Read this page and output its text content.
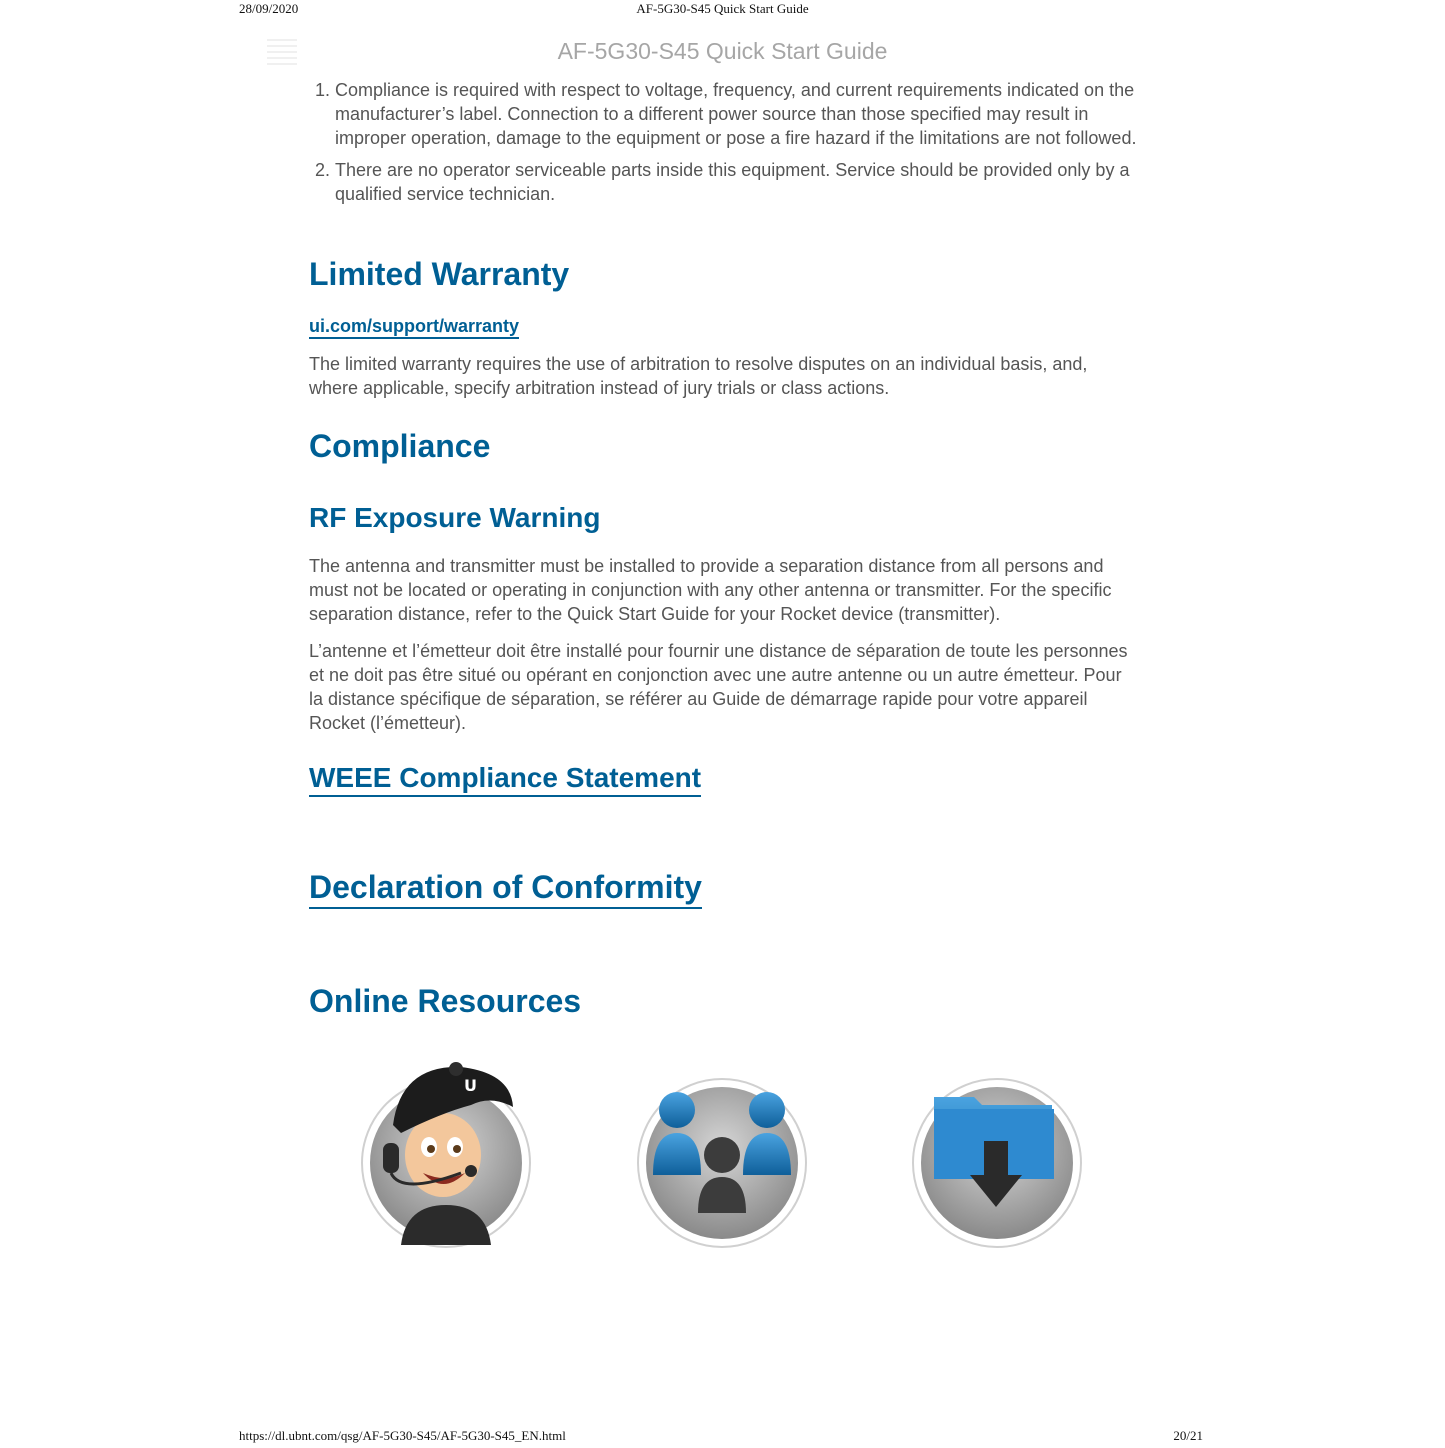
28/09/2020	AF-5G30-S45 Quick Start Guide
AF-5G30-S45 Quick Start Guide
1. Compliance is required with respect to voltage, frequency, and current requirements indicated on the manufacturer’s label. Connection to a different power source than those specified may result in improper operation, damage to the equipment or pose a fire hazard if the limitations are not followed.
2. There are no operator serviceable parts inside this equipment. Service should be provided only by a qualified service technician.
Limited Warranty
ui.com/support/warranty

The limited warranty requires the use of arbitration to resolve disputes on an individual basis, and, where applicable, specify arbitration instead of jury trials or class actions.

Compliance
RF Exposure Warning

The antenna and transmitter must be installed to provide a separation distance from all persons and must not be located or operating in conjunction with any other antenna or transmitter. For the specific separation distance, refer to the Quick Start Guide for your Rocket device (transmitter).

L’antenne et l’émetteur doit être installé pour fournir une distance de séparation de toute les personnes et ne doit pas être situé ou opérant en conjonction avec une autre antenne ou un autre émetteur. Pour la distance spécifique de séparation, se référer au Guide de démarrage rapide pour votre appareil Rocket (l’émetteur).

WEEE Compliance Statement
Declaration of Conformity
Online Resources
U
https://dl.ubnt.com/qsg/AF-5G30-S45/AF-5G30-S45_EN.html	20/21
